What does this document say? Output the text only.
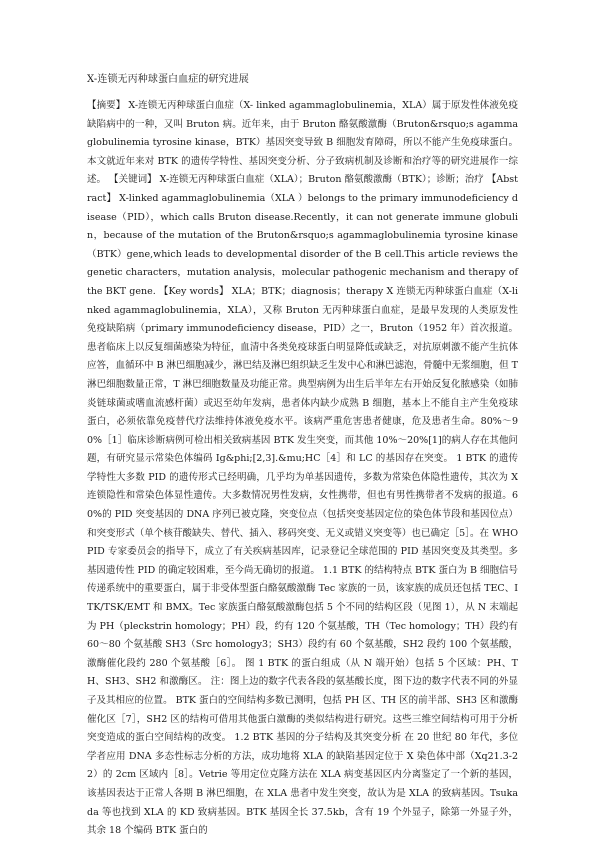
X-连锁无丙种球蛋白血症的研究进展

【摘要】 X-连锁无丙种球蛋白血症（X- linked agammaglobulinemia，XLA）属于原发性体液免疫缺陷病中的一种，又叫 Bruton 病。近年来，由于 Bruton 酪氨酸激酶（Bruton&rsquo;s agammaglobulinemia tyrosine kinase，BTK）基因突变导致 B 细胞发育障碍，所以不能产生免疫球蛋白。本文就近年来对 BTK 的遗传学特性、基因突变分析、分子致病机制及诊断和治疗等的研究进展作一综述。 【关键词】 X-连锁无丙种球蛋白血症（XLA）；Bruton 酪氨酸激酶（BTK）；诊断；治疗 【Abstract】 X-linked agammaglobulinemia（XLA ）belongs to the primary immunodeficiency disease（PID），which calls Bruton disease.Recently，it can not generate immune globulin，because of the mutation of the Bruton&rsquo;s agammaglobulinemia tyrosine kinase（BTK）gene,which leads to developmental disorder of the B cell.This article reviews the genetic characters，mutation analysis，molecular pathogenic mechanism and therapy of the BKT gene. 【Key words】 XLA；BTK；diagnosis；therapy X 连锁无丙种球蛋白血症（X-linked agammaglobulinemia，XLA），又称 Bruton 无丙种球蛋白血症，是最早发现的人类原发性免疫缺陷病（primary immunodeficiency disease，PID）之一，Bruton（1952 年）首次报道。患者临床上以反复细菌感染为特征，血清中各类免疫球蛋白明显降低或缺乏，对抗原刺激不能产生抗体应答，血循环中 B 淋巴细胞减少，淋巴结及淋巴组织缺乏生发中心和淋巴滤泡，骨髓中无浆细胞，但 T 淋巴细胞数量正常，T 淋巴细胞数量及功能正常。典型病例为出生后半年左右开始反复化脓感染（如肺炎链球菌或嗜血流感杆菌）或迟至幼年发病，患者体内缺少成熟 B 细胞，基本上不能自主产生免疫球蛋白，必须依靠免疫替代疗法维持体液免疫水平。该病严重危害患者健康，危及患者生命。80%～90%［1］临床诊断病例可检出相关致病基因 BTK 发生突变，而其他 10%～20%[1]的病人存在其他问题，有研究显示常染色体编码 Ig&phi;[2,3].&mu;HC［4］和 LC 的基因存在突变。 1 BTK 的遗传学特性大多数 PID 的遗传形式已经明确，几乎均为单基因遗传，多数为常染色体隐性遗传，其次为 X 连锁隐性和常染色体显性遗传。大多数情况男性发病，女性携带，但也有男性携带者不发病的报道。60%的 PID 突变基因的 DNA 序列已被克隆，突变位点（包括突变基因定位的染色体节段和基因位点）和突变形式（单个核苷酸缺失、替代、插入、移码突变、无义或错义突变等）也已确定［5］。在 WHO PID 专家委员会的指导下，成立了有关疾病基因库，记录登记全球范围的 PID 基因突变及其类型。多基因遗传性 PID 的确定较困难，至今尚无确切的报道。 1.1 BTK 的结构特点 BTK 蛋白为 B 细胞信号传递系统中的重要蛋白，属于非受体型蛋白酪氨酸激酶 Tec 家族的一员，该家族的成员还包括 TEC、ITK/TSK/EMT 和 BMX。Tec 家族蛋白酪氨酸激酶包括 5 个不同的结构区段（见图 1），从 N 末端起为 PH（pleckstrin homology；PH）段，约有 120 个氨基酸，TH（Tec homology；TH）段约有 60～80 个氨基酸 SH3（Src homology3；SH3）段约有 60 个氨基酸，SH2 段约 100 个氨基酸，激酶催化段约 280 个氨基酸［6］。 图 1 BTK 的蛋白组成（从 N 端开始）包括 5 个区域：PH、TH、SH3、SH2 和激酶区。 注：图上边的数字代表各段的氨基酸长度，图下边的数字代表不同的外显子及其相应的位置。 BTK 蛋白的空间结构多数已测明，包括 PH 区、TH 区的前半部、SH3 区和激酶催化区［7］，SH2 区的结构可借用其他蛋白激酶的类似结构进行研究。这些三维空间结构可用于分析突变造成的蛋白空间结构的改变。 1.2 BTK 基因的分子结构及其突变分析 在 20 世纪 80 年代，多位学者应用 DNA 多态性标志分析的方法，成功地将 XLA 的缺陷基因定位于 X 染色体中部（Xq21.3-22）的 2cm 区域内［8］。Vetrie 等用定位克隆方法在 XLA 病变基因区内分离鉴定了一个新的基因，该基因表达于正常人各期 B 淋巴细胞，在 XLA 患者中发生突变，故认为是 XLA 的致病基因。Tsukada 等也找到 XLA 的 KD 致病基因。BTK 基因全长 37.5kb，含有 19 个外显子，除第一外显子外，其余 18 个编码 BTK 蛋白的
